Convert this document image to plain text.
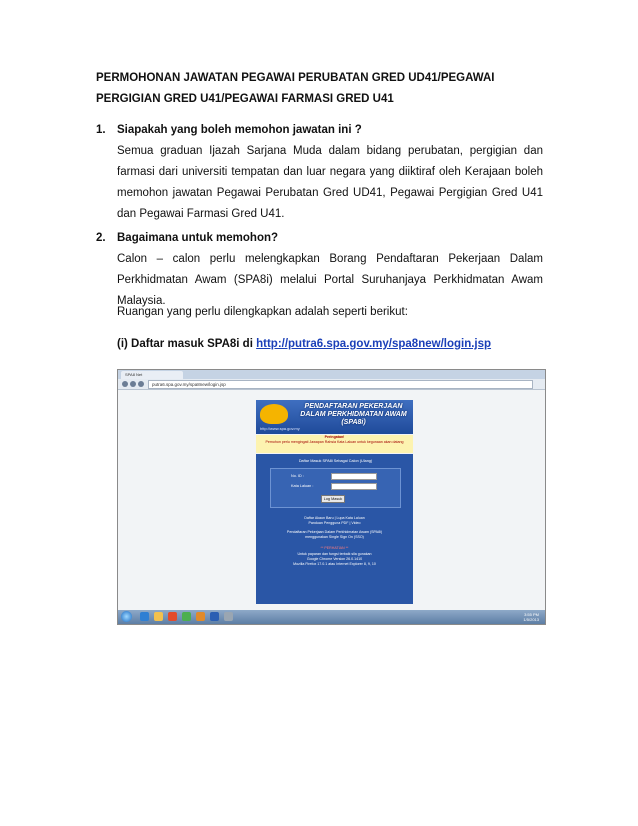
PERMOHONAN JAWATAN PEGAWAI PERUBATAN GRED UD41/PEGAWAI PERGIGIAN GRED U41/PEGAWAI FARMASI GRED U41
1. Siapakah yang boleh memohon jawatan ini ?
Semua graduan Ijazah Sarjana Muda dalam bidang perubatan, pergigian dan farmasi dari universiti tempatan dan luar negara yang diiktiraf oleh Kerajaan boleh memohon jawatan Pegawai Perubatan Gred UD41, Pegawai Pergigian Gred U41 dan Pegawai Farmasi Gred U41.
2. Bagaimana untuk memohon?
Calon – calon perlu melengkapkan Borang Pendaftaran Pekerjaan Dalam Perkhidmatan Awam (SPA8i) melalui Portal Suruhanjaya Perkhidmatan Awam Malaysia.
Ruangan yang perlu dilengkapkan adalah seperti berikut:
(i) Daftar masuk SPA8i di http://putra6.spa.gov.my/spa8new/login.jsp
SPA8 Net
putra6.spa.gov.my/spa8new/login.jsp
PENDAFTARAN PEKERJAAN DALAM PERKHIDMATAN AWAM (SPA8i)
http://www.spa.gov.my
Peringatan!
Pemohon perlu mengingati Jawapan Rahsia Kata Laluan untuk kegunaan akan datang
Daftar Masuk SPA8i Sebagai Calon (Ulang)
No. ID :
Kata Laluan :
Log Masuk
Daftar Akaun Baru | Lupa Kata Laluan
Panduan Pengguna PDF | Video
Pendaftaran Pekerjaan Dalam Perkhidmatan Awam (SPA8i)
menggunakan Single Sign On (SSO)
** PERHATIAN **
Untuk paparan dan fungsi terbaik sila gunakan
Google Chrome Version 26.0.1410
Mozilla Firefox 17.0.1 atau Internet Explorer 8, 9, 10
3:55 PM
1/5/2013
